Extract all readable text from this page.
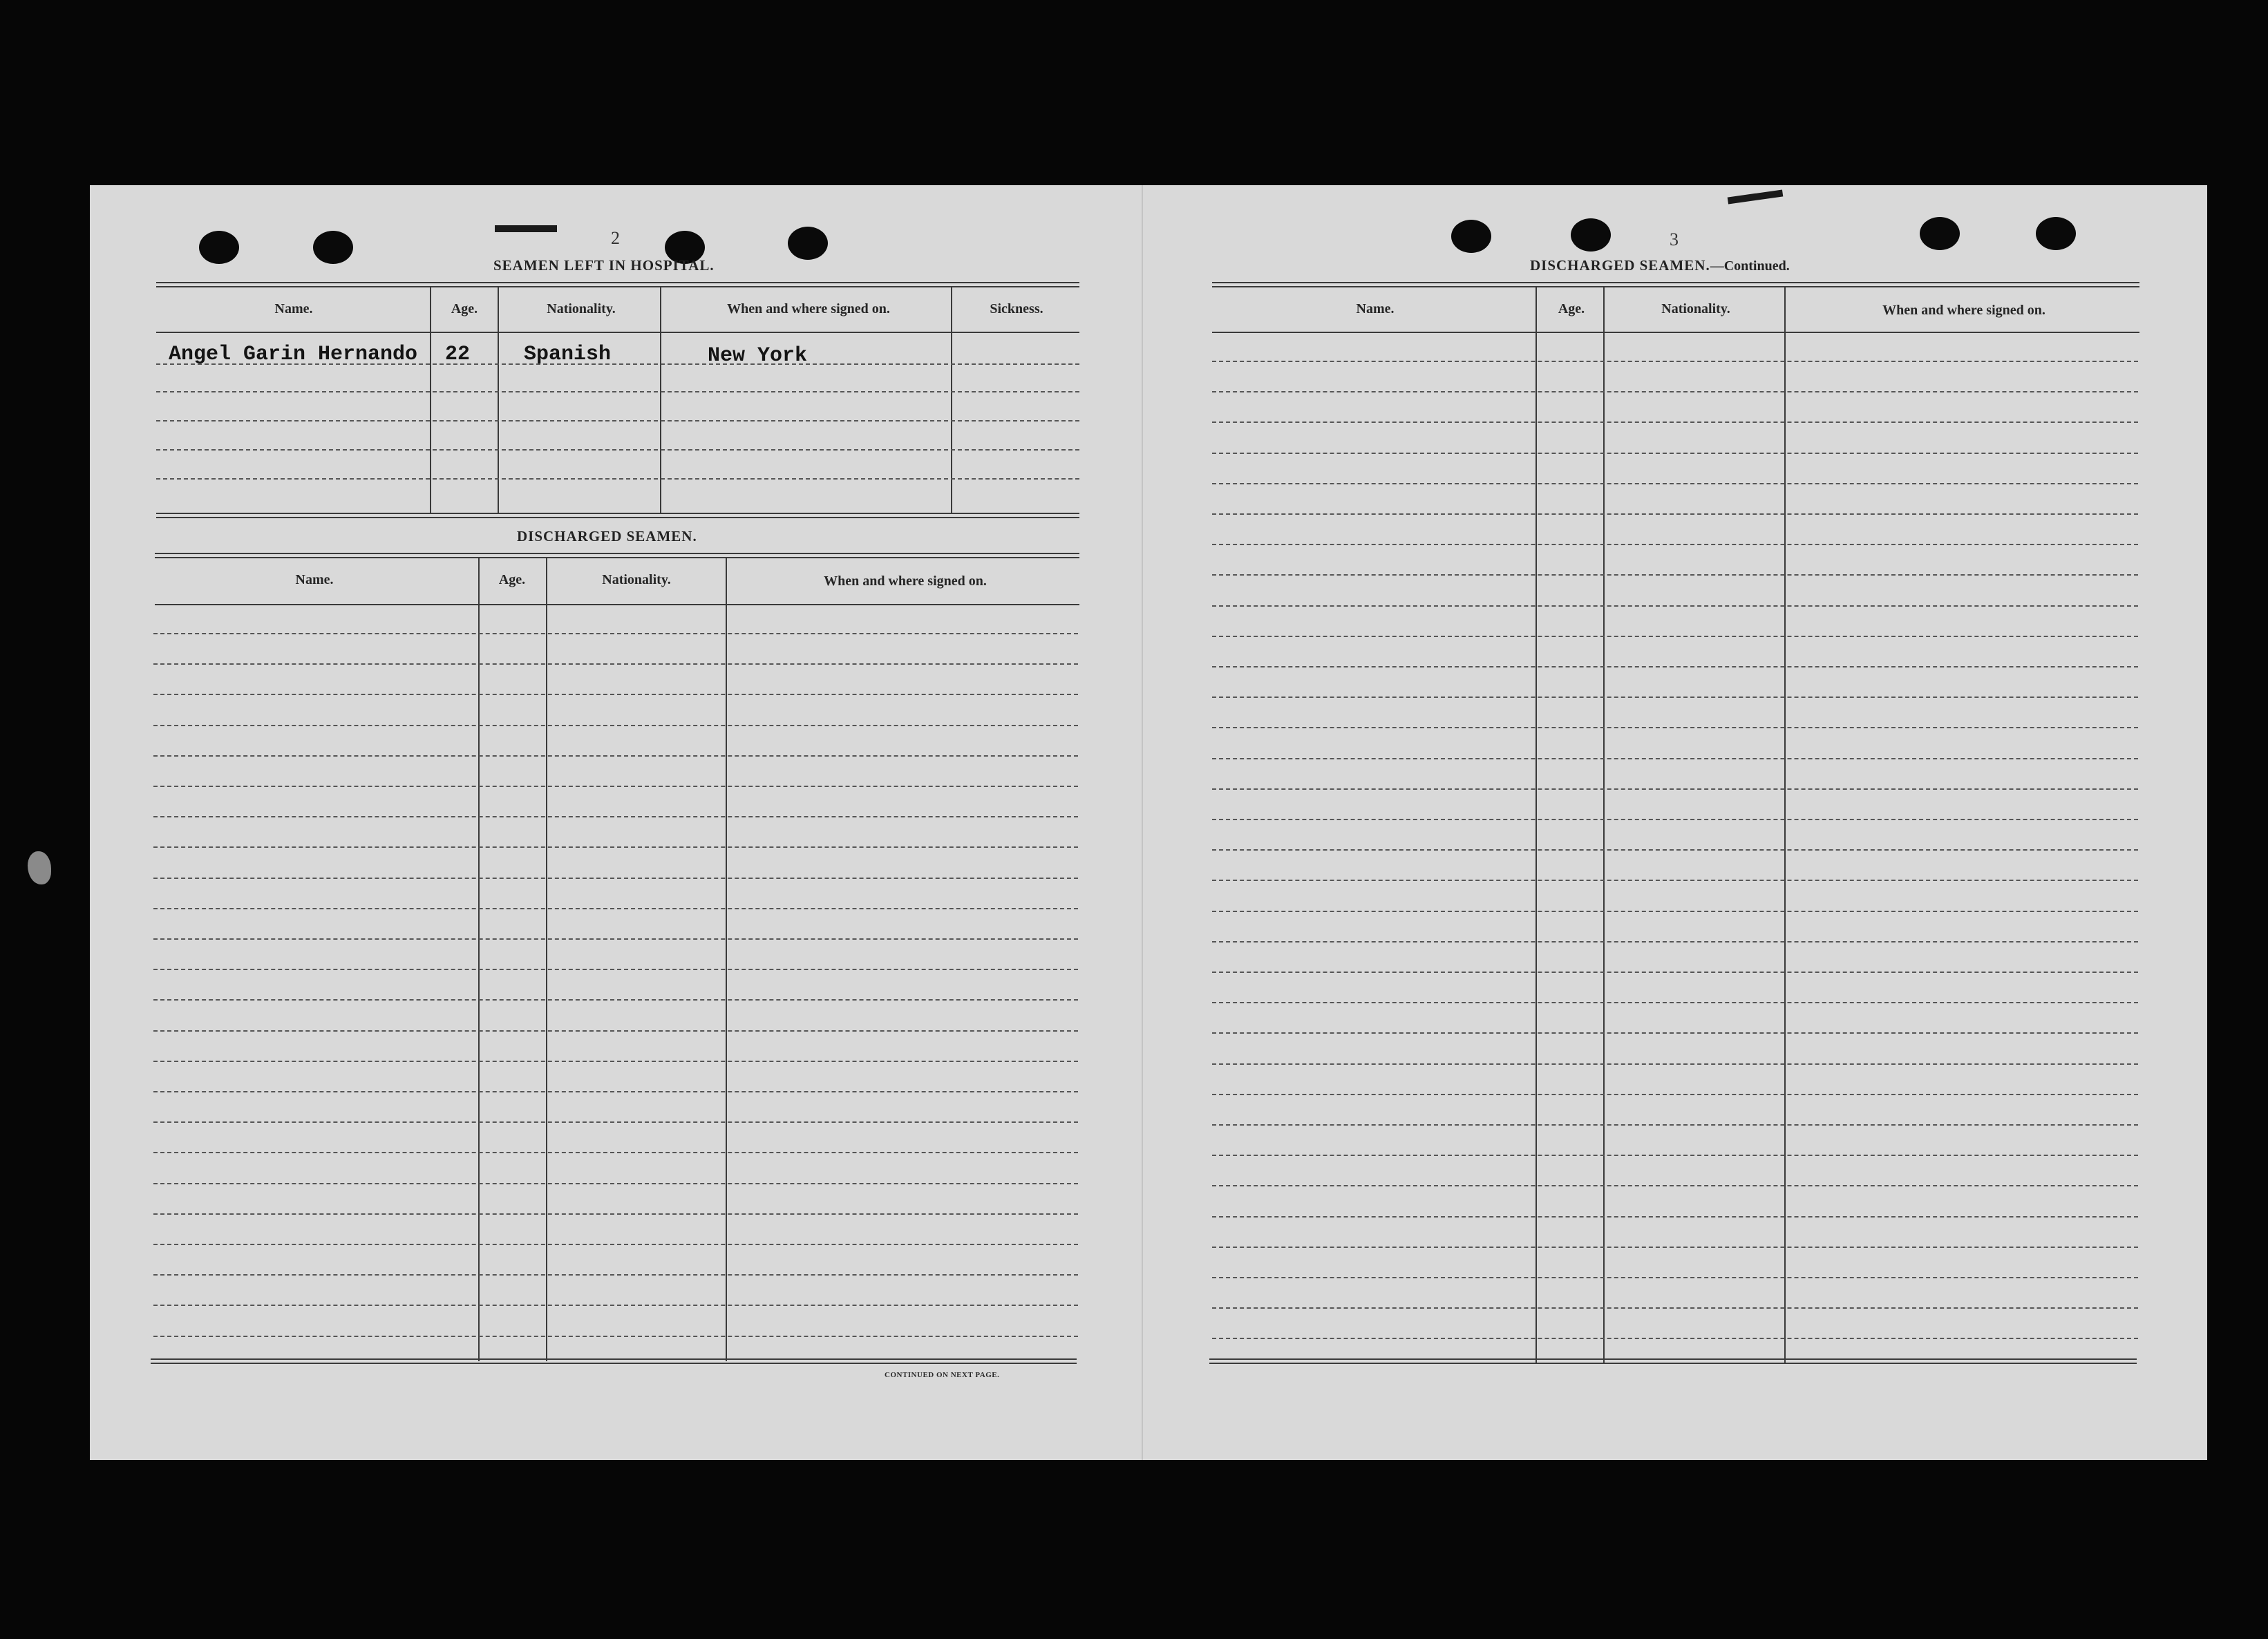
2
SEAMEN LEFT IN HOSPITAL.
Name.	Age.	Nationality.	When and where signed on.	Sickness.
Angel Garin Hernando 22	Spanish	New York
DISCHARGED SEAMEN.
Name.	Age.	Nationality.	When and where signed on.
CONTINUED ON NEXT PAGE.
3
DISCHARGED SEAMEN.—Continued.
Name.	Age.	Nationality.	When and where signed on.
